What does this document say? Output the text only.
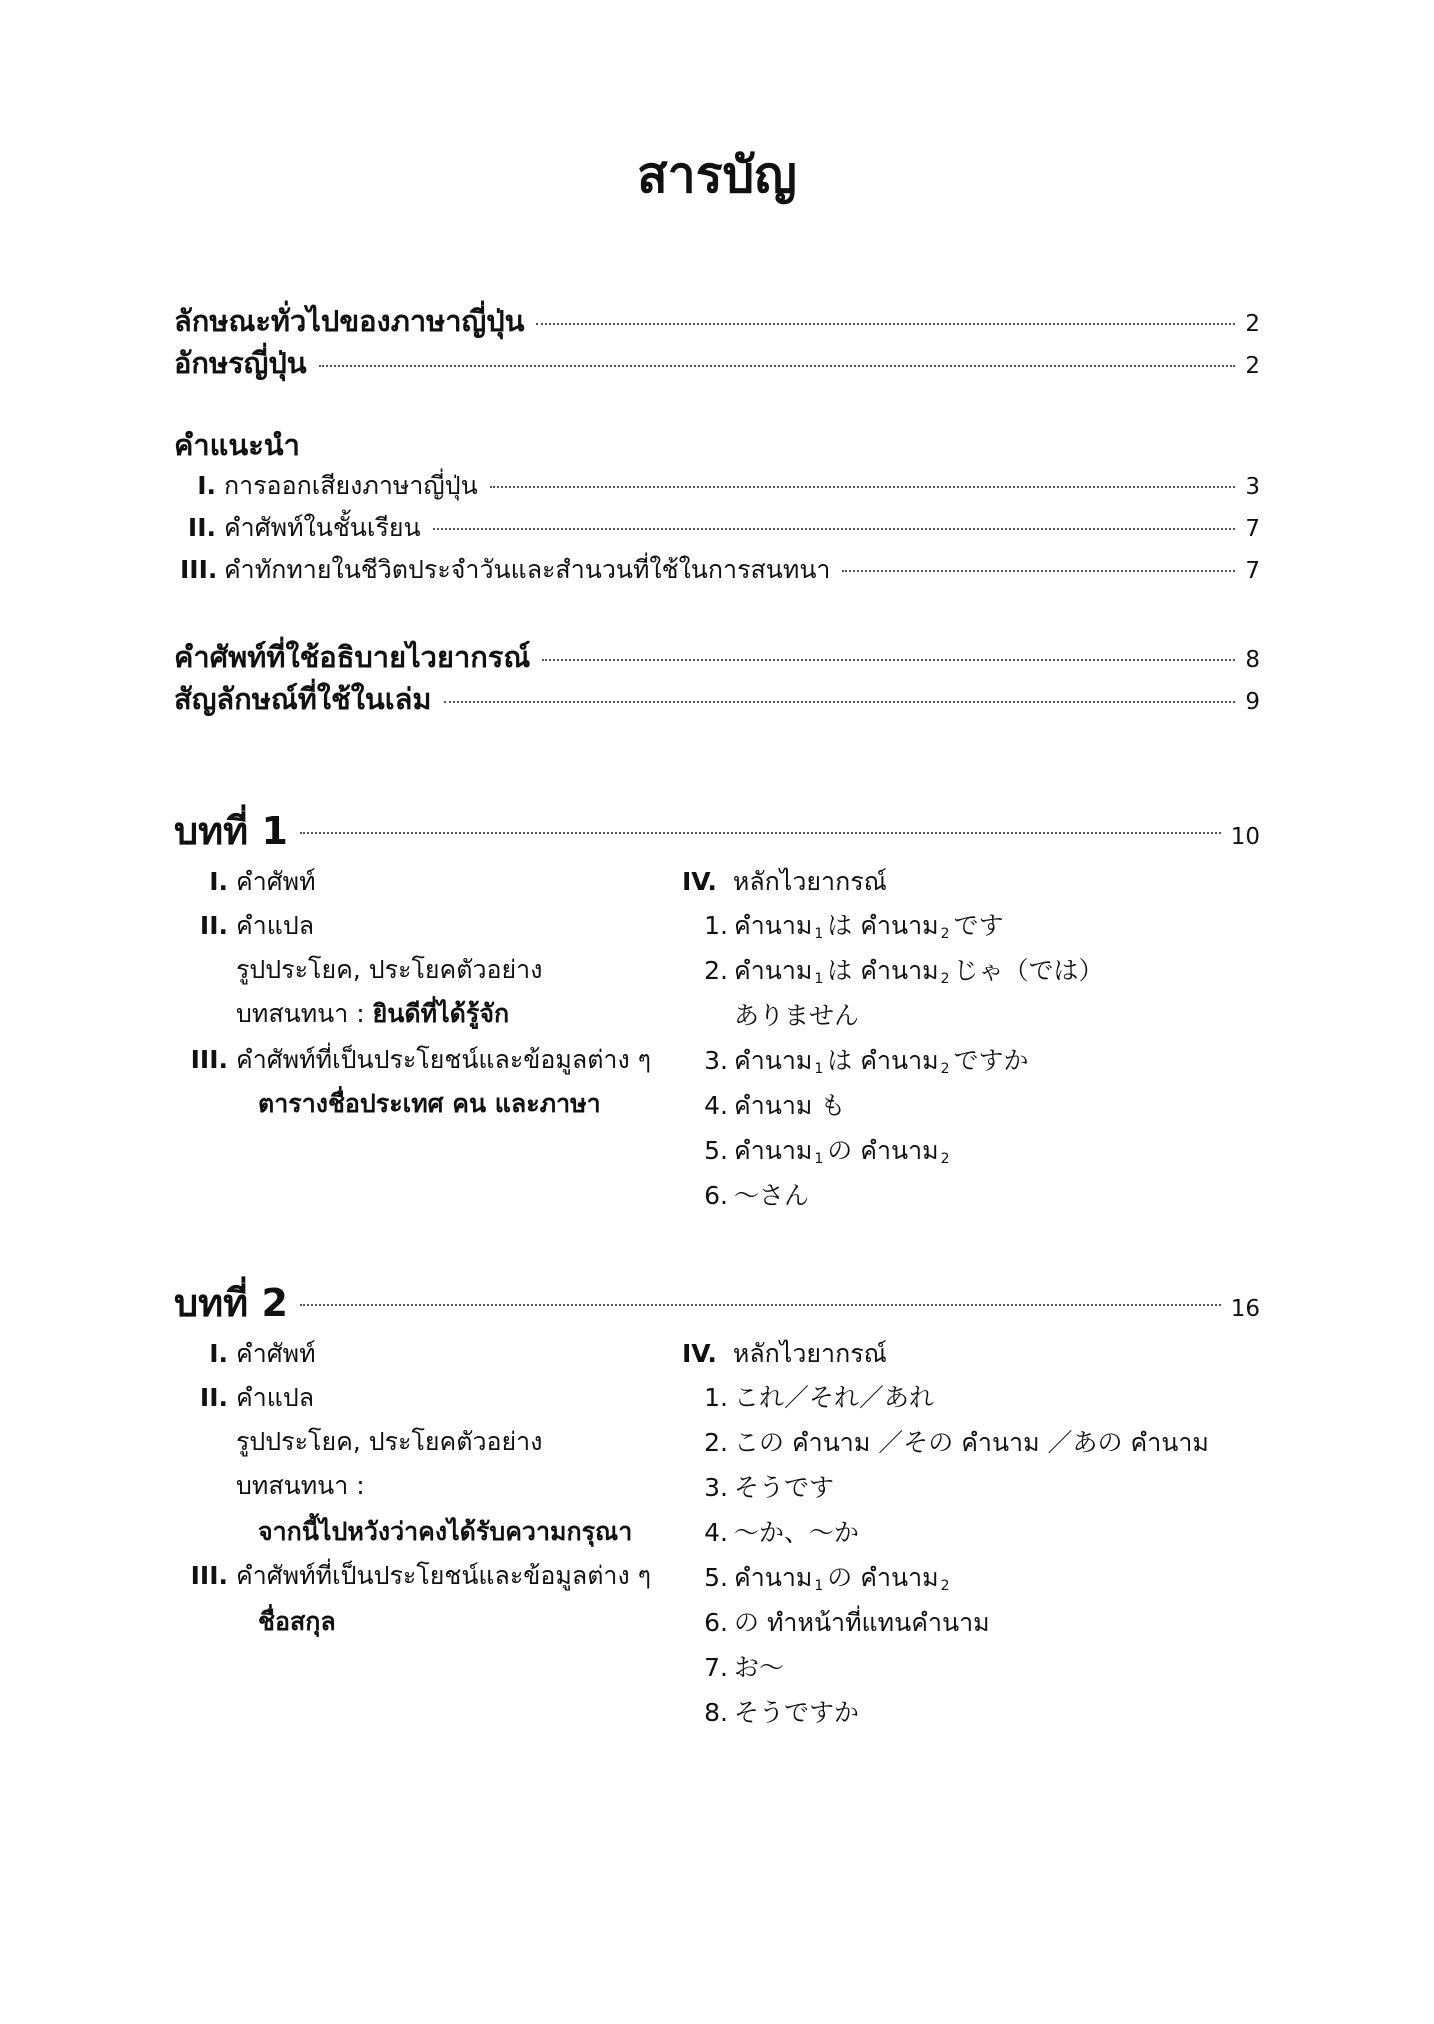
สารบัญ
ลักษณะทั่วไปของภาษาญี่ปุ่น	2
อักษรญี่ปุ่น	2
คำแนะนำ
I. การออกเสียงภาษาญี่ปุ่น	3
II. คำศัพท์ในชั้นเรียน	7
III. คำทักทายในชีวิตประจำวันและสำนวนที่ใช้ในการสนทนา	7
คำศัพท์ที่ใช้อธิบายไวยากรณ์	8
สัญลักษณ์ที่ใช้ในเล่ม	9
บทที่ 1	10
I. คำศัพท์
II. คำแปล
รูปประโยค, ประโยคตัวอย่าง
บทสนทนา : ยินดีที่ได้รู้จัก
III. คำศัพท์ที่เป็นประโยชน์และข้อมูลต่าง ๆ
ตารางชื่อประเทศ คน และภาษา
IV. หลักไวยากรณ์
1. คำนาม 1 は คำนาม 2 です
2. คำนาม 1 は คำนาม 2 じゃ（では）
ありません
3. คำนาม 1 は คำนาม 2 ですか
4. คำนาม も
5. คำนาม 1 の คำนาม 2
6. ～さん
บทที่ 2	16
I. คำศัพท์
II. คำแปล
รูปประโยค, ประโยคตัวอย่าง
บทสนทนา :
จากนี้ไปหวังว่าคงได้รับความกรุณา
III. คำศัพท์ที่เป็นประโยชน์และข้อมูลต่าง ๆ
ชื่อสกุล
IV. หลักไวยากรณ์
1. これ／それ／あれ
2. この คำนาม ／その คำนาม ／あの คำนาม
3. そうです
4. ～か、～か
5. คำนาม 1 の คำนาม 2
6. の ทำหน้าที่แทนคำนาม
7. お～
8. そうですか
